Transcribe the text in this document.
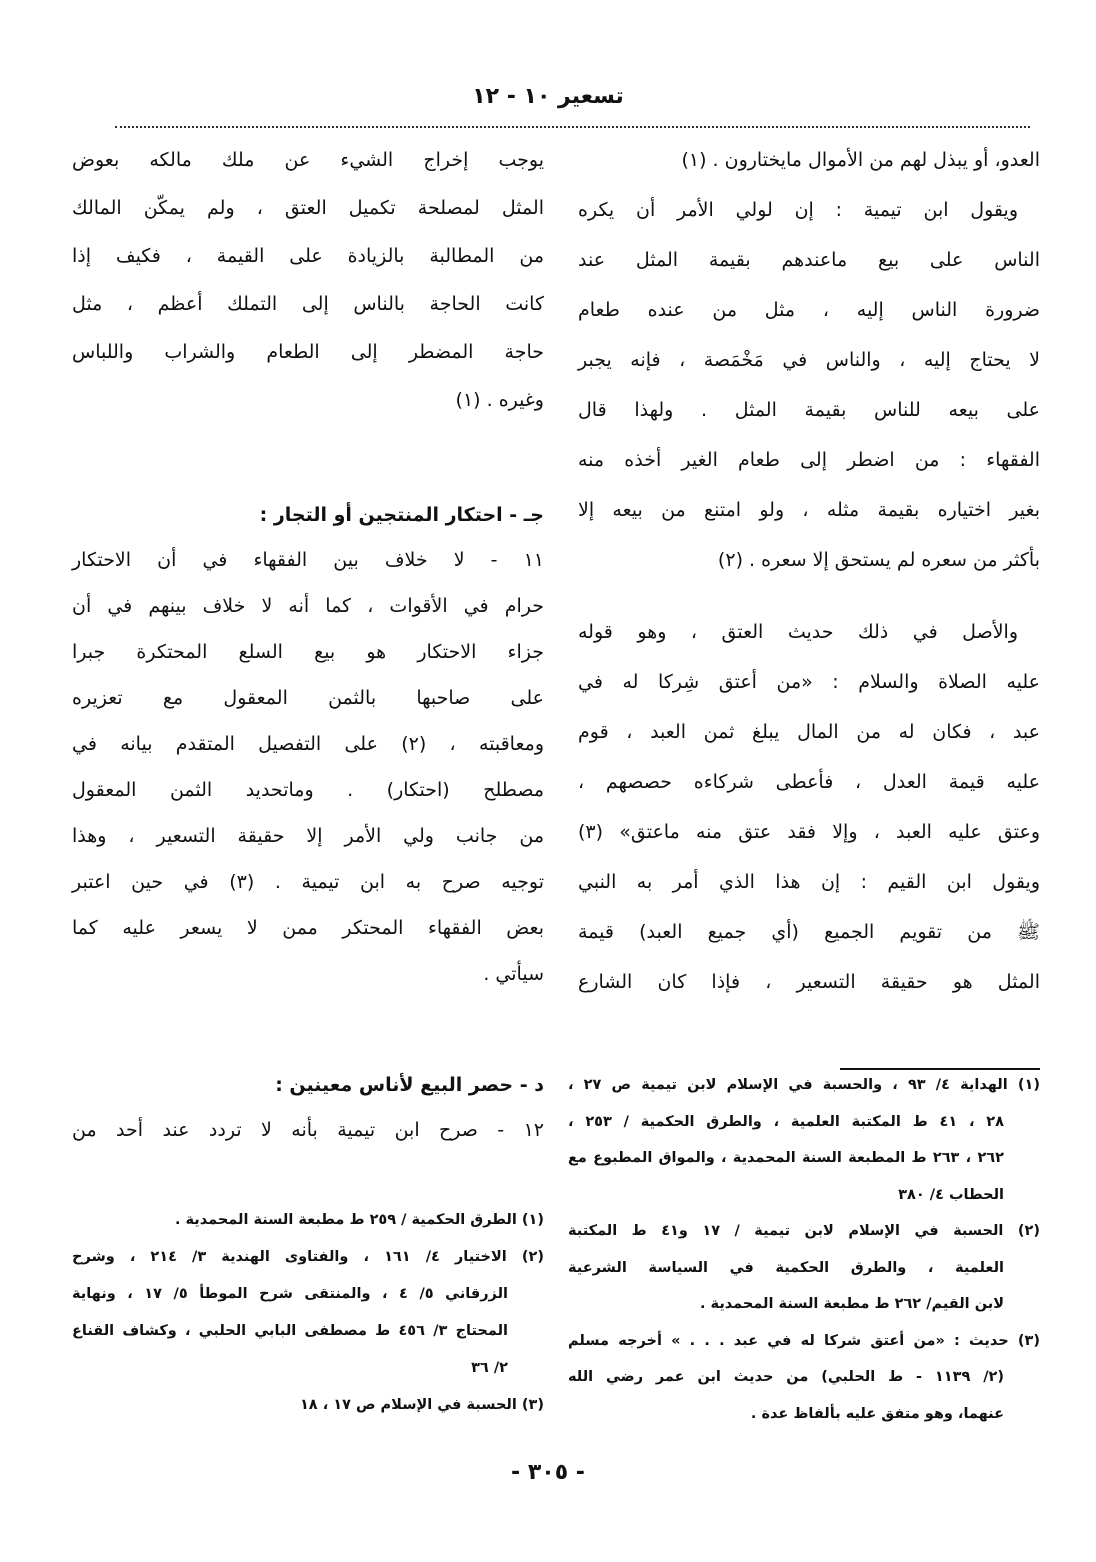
تسعير ١٠ - ١٢
العدو، أو يبذل لهم من الأموال مايختارون . (١)
ويقول ابن تيمية : إن لولي الأمر أن يكره
الناس على بيع ماعندهم بقيمة المثل عند
ضرورة الناس إليه ، مثل من عنده طعام
لا يحتاج إليه ، والناس في مَخْمَصة ، فإنه يجبر
على بيعه للناس بقيمة المثل . ولهذا قال
الفقهاء : من اضطر إلى طعام الغير أخذه منه
بغير اختياره بقيمة مثله ، ولو امتنع من بيعه إلا
بأكثر من سعره لم يستحق إلا سعره . (٢)
والأصل في ذلك حديث العتق ، وهو قوله
عليه الصلاة والسلام : «من أعتق شِركا له في
عبد ، فكان له من المال يبلغ ثمن العبد ، قوم
عليه قيمة العدل ، فأعطى شركاءه حصصهم ،
وعتق عليه العبد ، وإلا فقد عتق منه ماعتق» (٣)
ويقول ابن القيم : إن هذا الذي أمر به النبي
ﷺ من تقويم الجميع (أي جميع العبد) قيمة
المثل هو حقيقة التسعير ، فإذا كان الشارع
(١) الهداية ٤/ ٩٣ ، والحسبة في الإسلام لابن تيمية ص ٢٧ ،
٢٨ ، ٤١ ط المكتبة العلمية ، والطرق الحكمية / ٢٥٣ ،
٢٦٢ ، ٢٦٣ ط المطبعة السنة المحمدية ، والمواق المطبوع مع
الحطاب ٤/ ٣٨٠
(٢) الحسبة في الإسلام لابن تيمية / ١٧ و٤١ ط المكتبة
العلمية ، والطرق الحكمية في السياسة الشرعية
لابن القيم/ ٢٦٢ ط مطبعة السنة المحمدية .
(٣) حديث : «من أعتق شركا له في عبد . . . » أخرجه مسلم
(٢/ ١١٣٩ - ط الحلبي) من حديث ابن عمر رضي الله
عنهما، وهو متفق عليه بألفاظ عدة .
يوجب إخراج الشيء عن ملك مالكه بعوض
المثل لمصلحة تكميل العتق ، ولم يمكّن المالك
من المطالبة بالزيادة على القيمة ، فكيف إذا
كانت الحاجة بالناس إلى التملك أعظم ، مثل
حاجة المضطر إلى الطعام والشراب واللباس
وغيره . (١)
جـ - احتكار المنتجين أو التجار :
١١ - لا خلاف بين الفقهاء في أن الاحتكار
حرام في الأقوات ، كما أنه لا خلاف بينهم في أن
جزاء الاحتكار هو بيع السلع المحتكرة جبرا
على صاحبها بالثمن المعقول مع تعزيره
ومعاقبته ، (٢) على التفصيل المتقدم بيانه في
مصطلح (احتكار) . وماتحديد الثمن المعقول
من جانب ولي الأمر إلا حقيقة التسعير ، وهذا
توجيه صرح به ابن تيمية . (٣) في حين اعتبر
بعض الفقهاء المحتكر ممن لا يسعر عليه كما
سيأتي .
د - حصر البيع لأناس معينين :
١٢ - صرح ابن تيمية بأنه لا تردد عند أحد من
(١) الطرق الحكمية / ٢٥٩ ط مطبعة السنة المحمدية .
(٢) الاختيار ٤/ ١٦١ ، والفتاوى الهندية ٣/ ٢١٤ ، وشرح
الزرقاني ٥/ ٤ ، والمنتقى شرح الموطأ ٥/ ١٧ ، ونهاية
المحتاج ٣/ ٤٥٦ ط مصطفى البابي الحلبي ، وكشاف القناع
٢/ ٣٦
(٣) الحسبة في الإسلام ص ١٧ ، ١٨
- ٣٠٥ -
